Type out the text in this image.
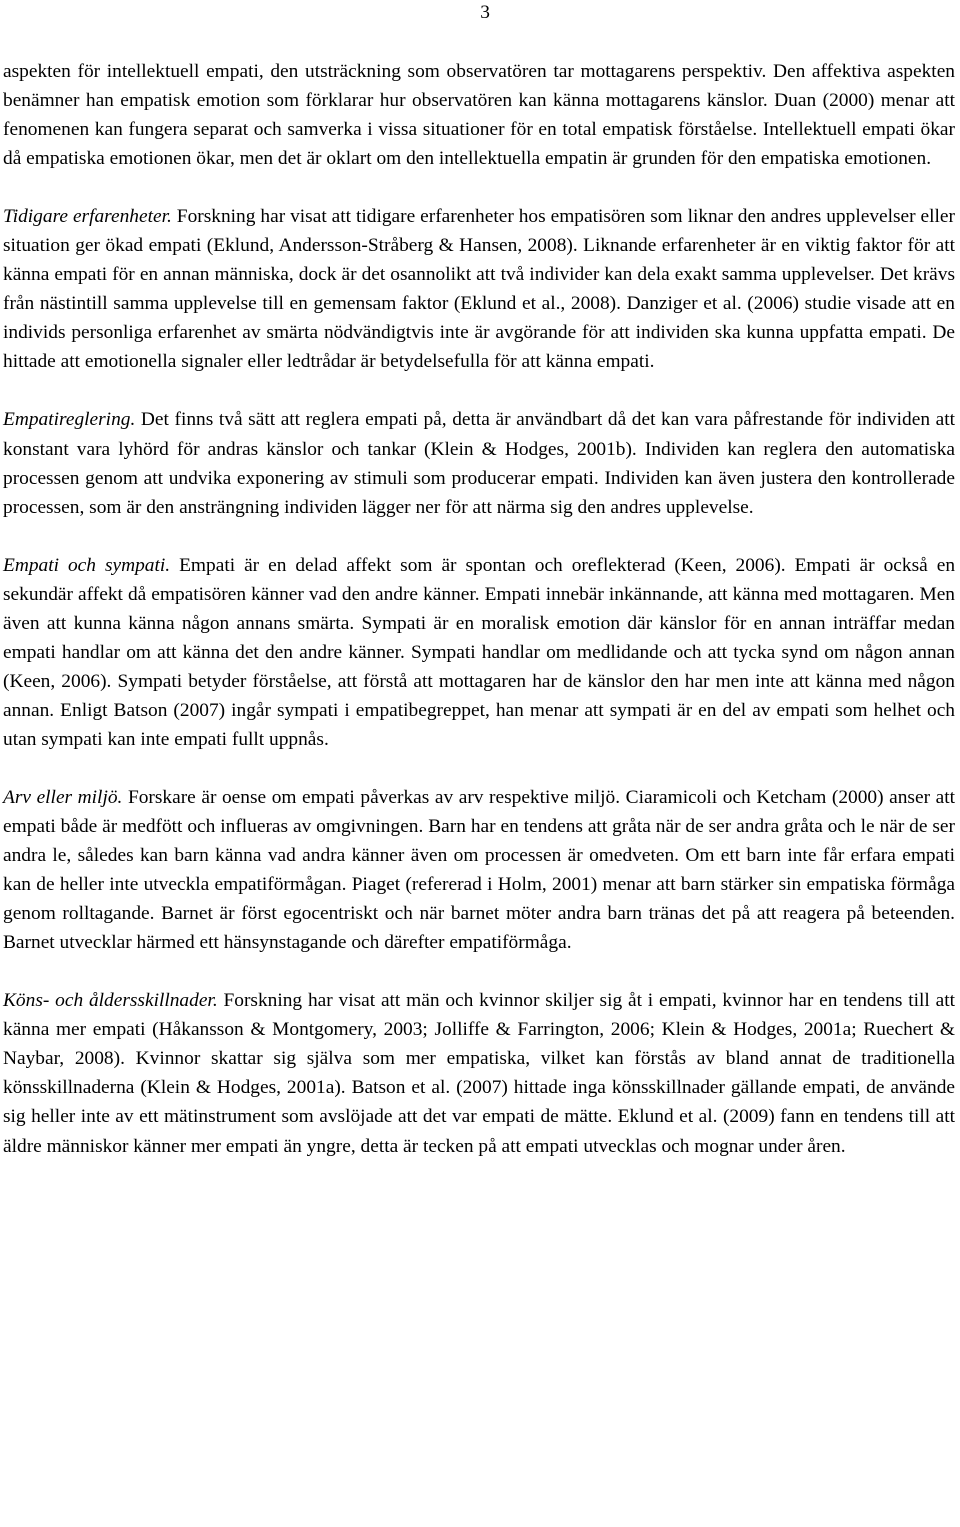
3

aspekten för intellektuell empati, den utsträckning som observatören tar mottagarens perspektiv. Den affektiva aspekten benämner han empatisk emotion som förklarar hur observatören kan känna mottagarens känslor. Duan (2000) menar att fenomenen kan fungera separat och samverka i vissa situationer för en total empatisk förståelse. Intellektuell empati ökar då empatiska emotionen ökar, men det är oklart om den intellektuella empatin är grunden för den empatiska emotionen.

Tidigare erfarenheter. Forskning har visat att tidigare erfarenheter hos empatisören som liknar den andres upplevelser eller situation ger ökad empati (Eklund, Andersson-Stråberg & Hansen, 2008). Liknande erfarenheter är en viktig faktor för att känna empati för en annan människa, dock är det osannolikt att två individer kan dela exakt samma upplevelser. Det krävs från nästintill samma upplevelse till en gemensam faktor (Eklund et al., 2008). Danziger et al. (2006) studie visade att en individs personliga erfarenhet av smärta nödvändigtvis inte är avgörande för att individen ska kunna uppfatta empati. De hittade att emotionella signaler eller ledtrådar är betydelsefulla för att känna empati.

Empatireglering. Det finns två sätt att reglera empati på, detta är användbart då det kan vara påfrestande för individen att konstant vara lyhörd för andras känslor och tankar (Klein & Hodges, 2001b). Individen kan reglera den automatiska processen genom att undvika exponering av stimuli som producerar empati. Individen kan även justera den kontrollerade processen, som är den ansträngning individen lägger ner för att närma sig den andres upplevelse.

Empati och sympati. Empati är en delad affekt som är spontan och oreflekterad (Keen, 2006). Empati är också en sekundär affekt då empatisören känner vad den andre känner. Empati innebär inkännande, att känna med mottagaren. Men även att kunna känna någon annans smärta. Sympati är en moralisk emotion där känslor för en annan inträffar medan empati handlar om att känna det den andre känner. Sympati handlar om medlidande och att tycka synd om någon annan (Keen, 2006). Sympati betyder förståelse, att förstå att mottagaren har de känslor den har men inte att känna med någon annan. Enligt Batson (2007) ingår sympati i empatibegreppet, han menar att sympati är en del av empati som helhet och utan sympati kan inte empati fullt uppnås.

Arv eller miljö. Forskare är oense om empati påverkas av arv respektive miljö. Ciaramicoli och Ketcham (2000) anser att empati både är medfött och influeras av omgivningen. Barn har en tendens att gråta när de ser andra gråta och le när de ser andra le, således kan barn känna vad andra känner även om processen är omedveten. Om ett barn inte får erfara empati kan de heller inte utveckla empatiförmågan. Piaget (refererad i Holm, 2001) menar att barn stärker sin empatiska förmåga genom rolltagande. Barnet är först egocentriskt och när barnet möter andra barn tränas det på att reagera på beteenden. Barnet utvecklar härmed ett hänsynstagande och därefter empatiförmåga.

Köns- och åldersskillnader. Forskning har visat att män och kvinnor skiljer sig åt i empati, kvinnor har en tendens till att känna mer empati (Håkansson & Montgomery, 2003; Jolliffe & Farrington, 2006; Klein & Hodges, 2001a; Ruechert & Naybar, 2008). Kvinnor skattar sig själva som mer empatiska, vilket kan förstås av bland annat de traditionella könsskillnaderna (Klein & Hodges, 2001a). Batson et al. (2007) hittade inga könsskillnader gällande empati, de använde sig heller inte av ett mätinstrument som avslöjade att det var empati de mätte. Eklund et al. (2009) fann en tendens till att äldre människor känner mer empati än yngre, detta är tecken på att empati utvecklas och mognar under åren.
